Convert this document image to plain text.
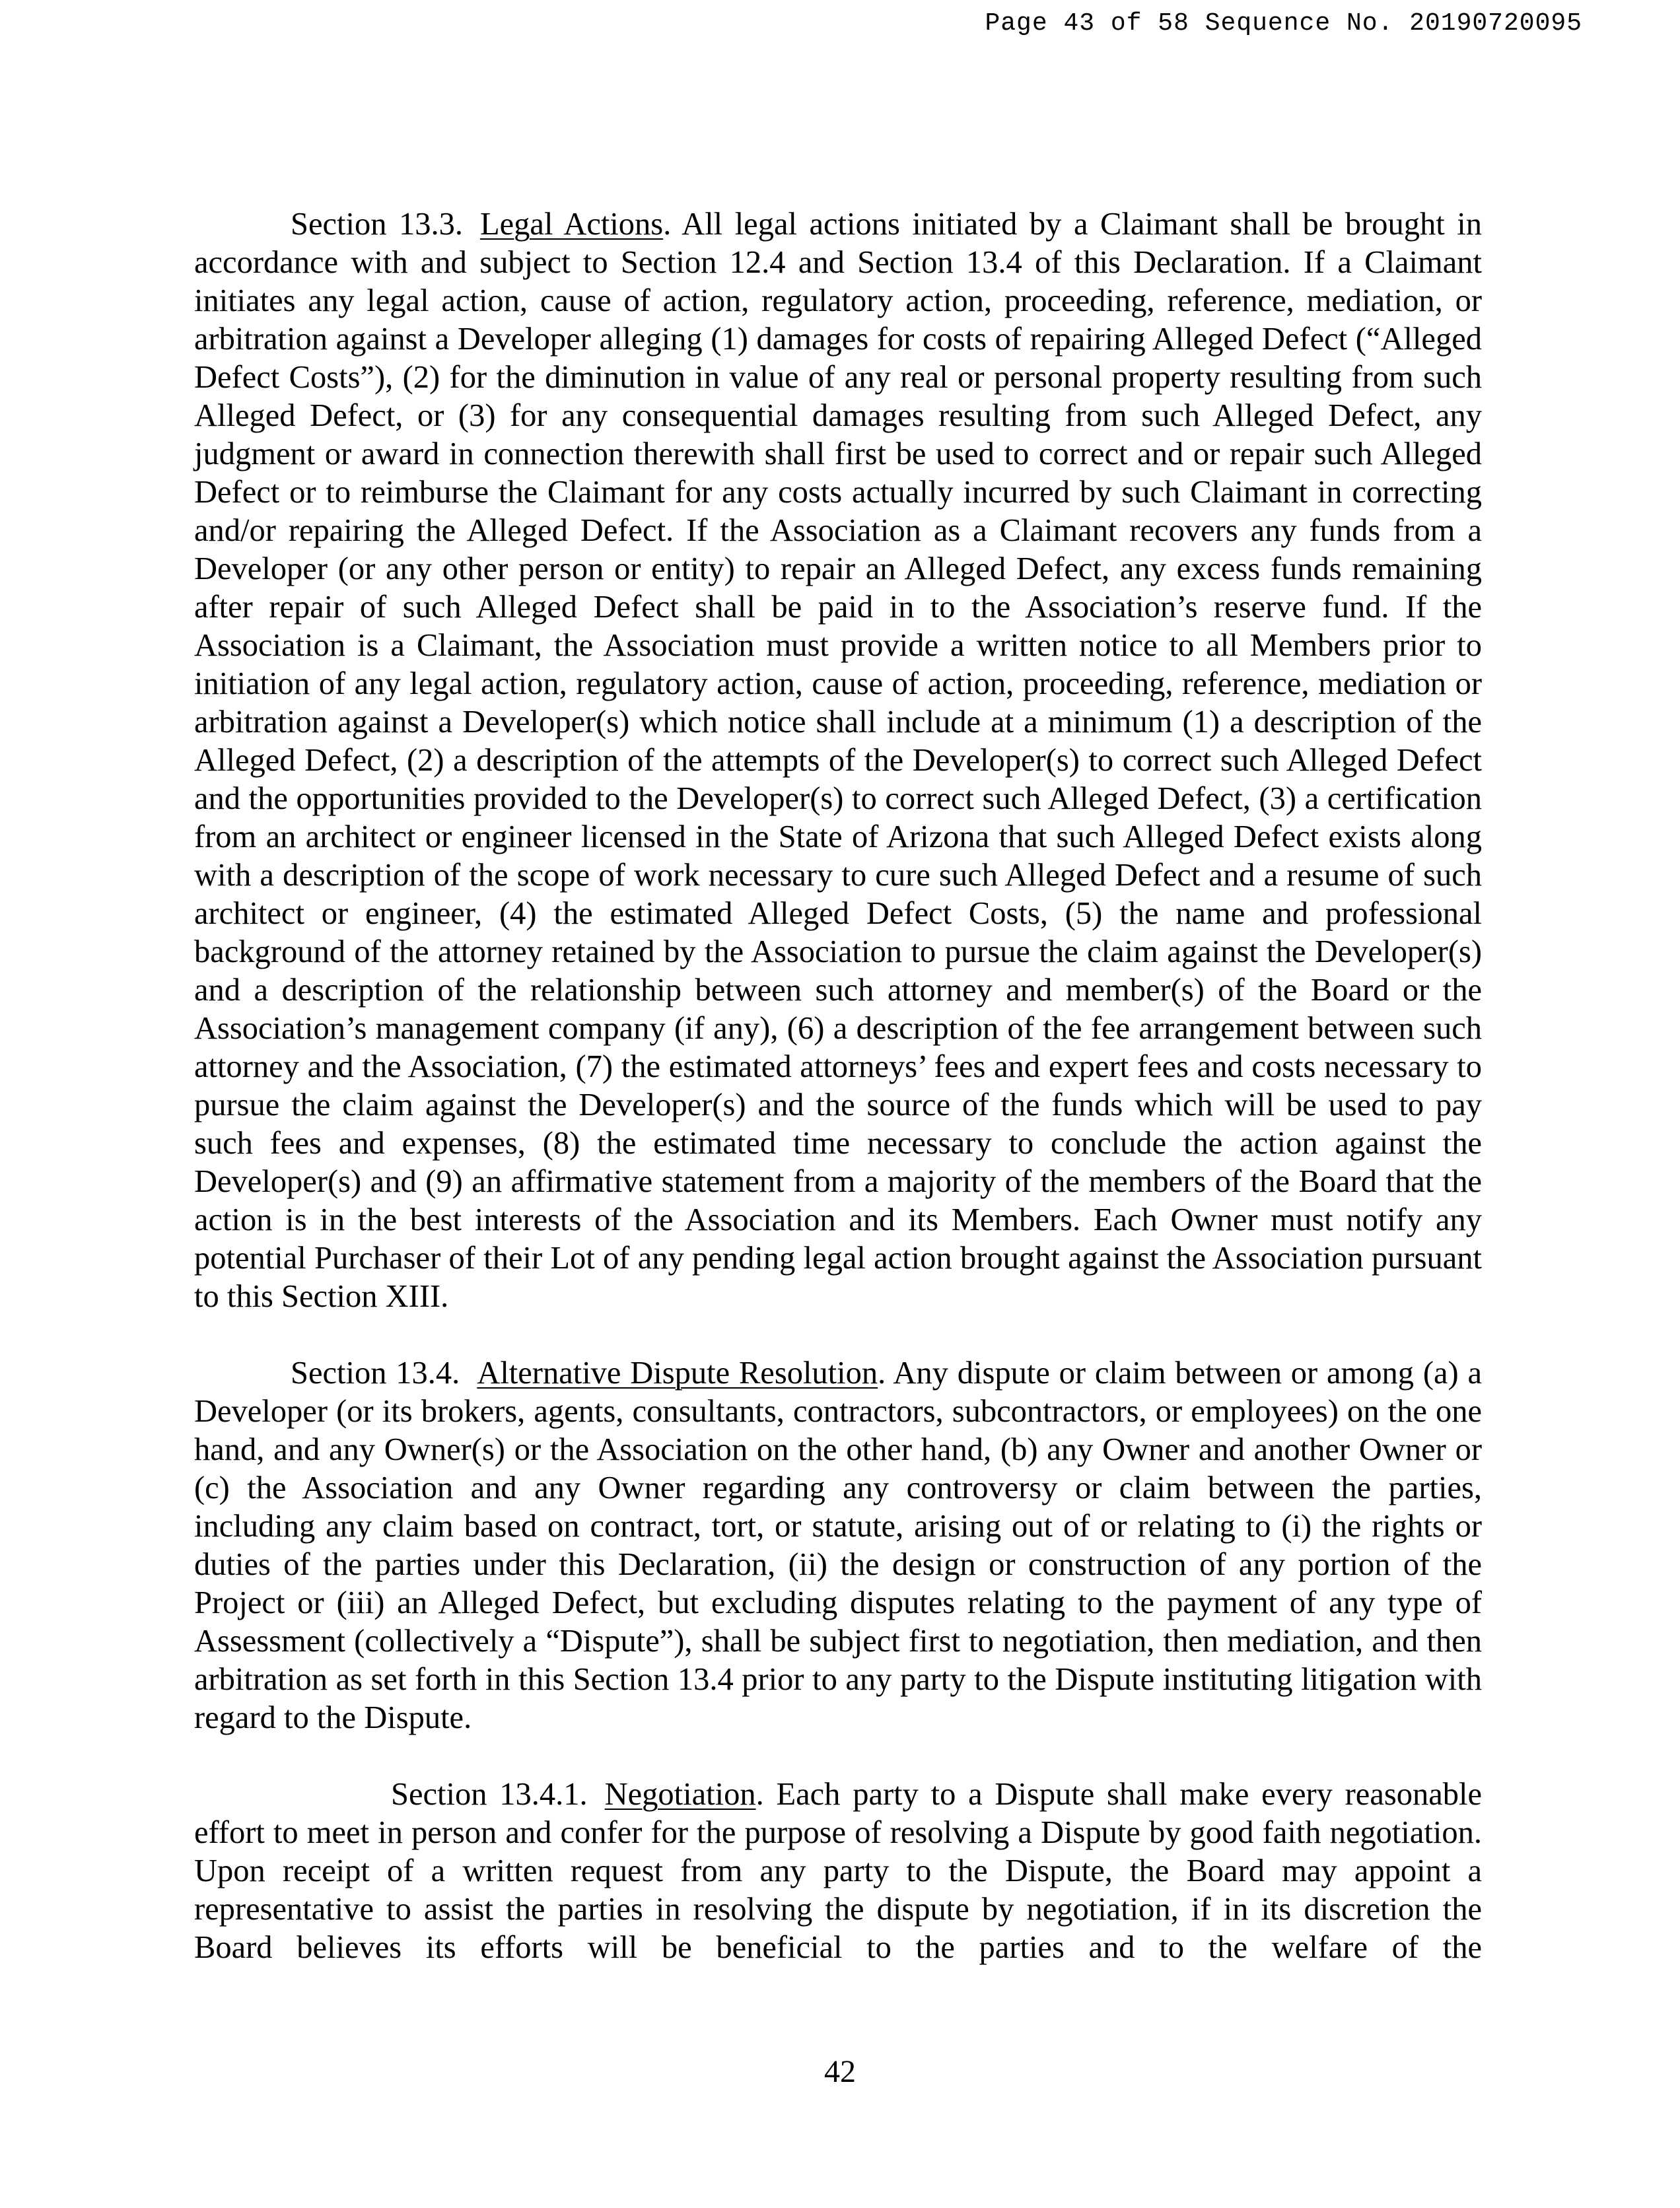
Page 43 of 58 Sequence No. 20190720095

Section 13.3. Legal Actions. All legal actions initiated by a Claimant shall be brought in accordance with and subject to Section 12.4 and Section 13.4 of this Declaration. If a Claimant initiates any legal action, cause of action, regulatory action, proceeding, reference, mediation, or arbitration against a Developer alleging (1) damages for costs of repairing Alleged Defect (“Alleged Defect Costs”), (2) for the diminution in value of any real or personal property resulting from such Alleged Defect, or (3) for any consequential damages resulting from such Alleged Defect, any judgment or award in connection therewith shall first be used to correct and or repair such Alleged Defect or to reimburse the Claimant for any costs actually incurred by such Claimant in correcting and/or repairing the Alleged Defect. If the Association as a Claimant recovers any funds from a Developer (or any other person or entity) to repair an Alleged Defect, any excess funds remaining after repair of such Alleged Defect shall be paid in to the Association’s reserve fund. If the Association is a Claimant, the Association must provide a written notice to all Members prior to initiation of any legal action, regulatory action, cause of action, proceeding, reference, mediation or arbitration against a Developer(s) which notice shall include at a minimum (1) a description of the Alleged Defect, (2) a description of the attempts of the Developer(s) to correct such Alleged Defect and the opportunities provided to the Developer(s) to correct such Alleged Defect, (3) a certification from an architect or engineer licensed in the State of Arizona that such Alleged Defect exists along with a description of the scope of work necessary to cure such Alleged Defect and a resume of such architect or engineer, (4) the estimated Alleged Defect Costs, (5) the name and professional background of the attorney retained by the Association to pursue the claim against the Developer(s) and a description of the relationship between such attorney and member(s) of the Board or the Association’s management company (if any), (6) a description of the fee arrangement between such attorney and the Association, (7) the estimated attorneys’ fees and expert fees and costs necessary to pursue the claim against the Developer(s) and the source of the funds which will be used to pay such fees and expenses, (8) the estimated time necessary to conclude the action against the Developer(s) and (9) an affirmative statement from a majority of the members of the Board that the action is in the best interests of the Association and its Members. Each Owner must notify any potential Purchaser of their Lot of any pending legal action brought against the Association pursuant to this Section XIII.

Section 13.4. Alternative Dispute Resolution. Any dispute or claim between or among (a) a Developer (or its brokers, agents, consultants, contractors, subcontractors, or employees) on the one hand, and any Owner(s) or the Association on the other hand, (b) any Owner and another Owner or (c) the Association and any Owner regarding any controversy or claim between the parties, including any claim based on contract, tort, or statute, arising out of or relating to (i) the rights or duties of the parties under this Declaration, (ii) the design or construction of any portion of the Project or (iii) an Alleged Defect, but excluding disputes relating to the payment of any type of Assessment (collectively a “Dispute”), shall be subject first to negotiation, then mediation, and then arbitration as set forth in this Section 13.4 prior to any party to the Dispute instituting litigation with regard to the Dispute.

Section 13.4.1. Negotiation. Each party to a Dispute shall make every reasonable effort to meet in person and confer for the purpose of resolving a Dispute by good faith negotiation. Upon receipt of a written request from any party to the Dispute, the Board may appoint a representative to assist the parties in resolving the dispute by negotiation, if in its discretion the Board believes its efforts will be beneficial to the parties and to the welfare of the

42
